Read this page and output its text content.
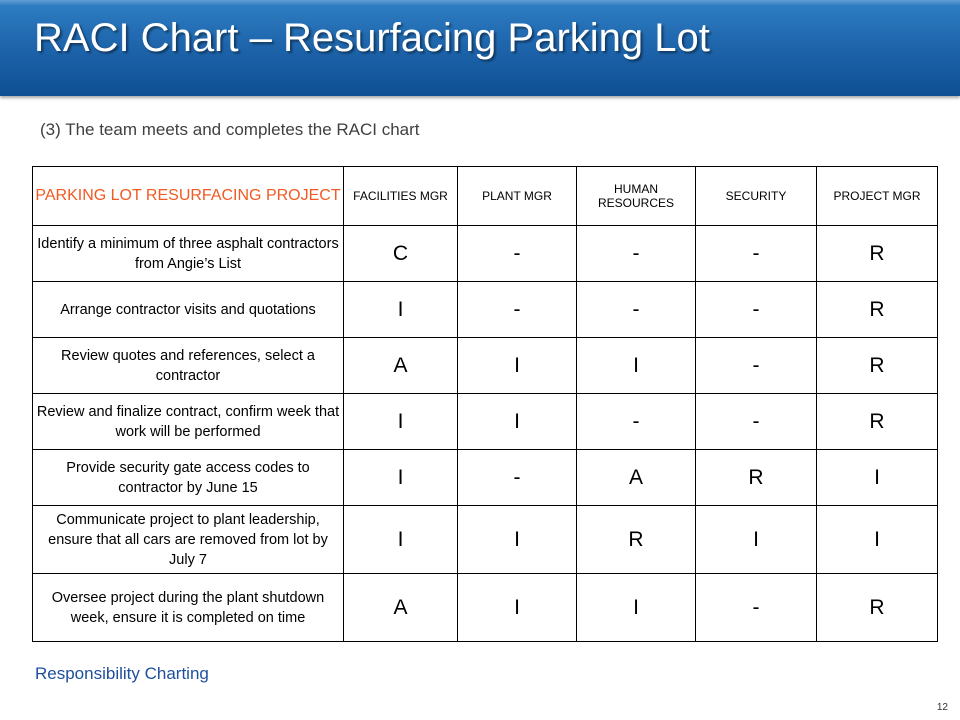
RACI Chart – Resurfacing Parking Lot
(3) The team meets and completes the RACI chart
PARKING LOT RESURFACING PROJECT	FACILITIES MGR	PLANT MGR	HUMAN RESOURCES	SECURITY	PROJECT MGR
Identify a minimum of three asphalt contractors from Angie’s List	C	-	-	-	R
Arrange contractor visits and quotations	I	-	-	-	R
Review quotes and references, select a contractor	A	I	I	-	R
Review and finalize contract, confirm week that work will be performed	I	I	-	-	R
Provide security gate access codes to contractor by June 15	I	-	A	R	I
Communicate project to plant leadership, ensure that all cars are removed from lot by July 7	I	I	R	I	I
Oversee project during the plant shutdown week, ensure it is completed on time	A	I	I	-	R
Responsibility Charting
12
